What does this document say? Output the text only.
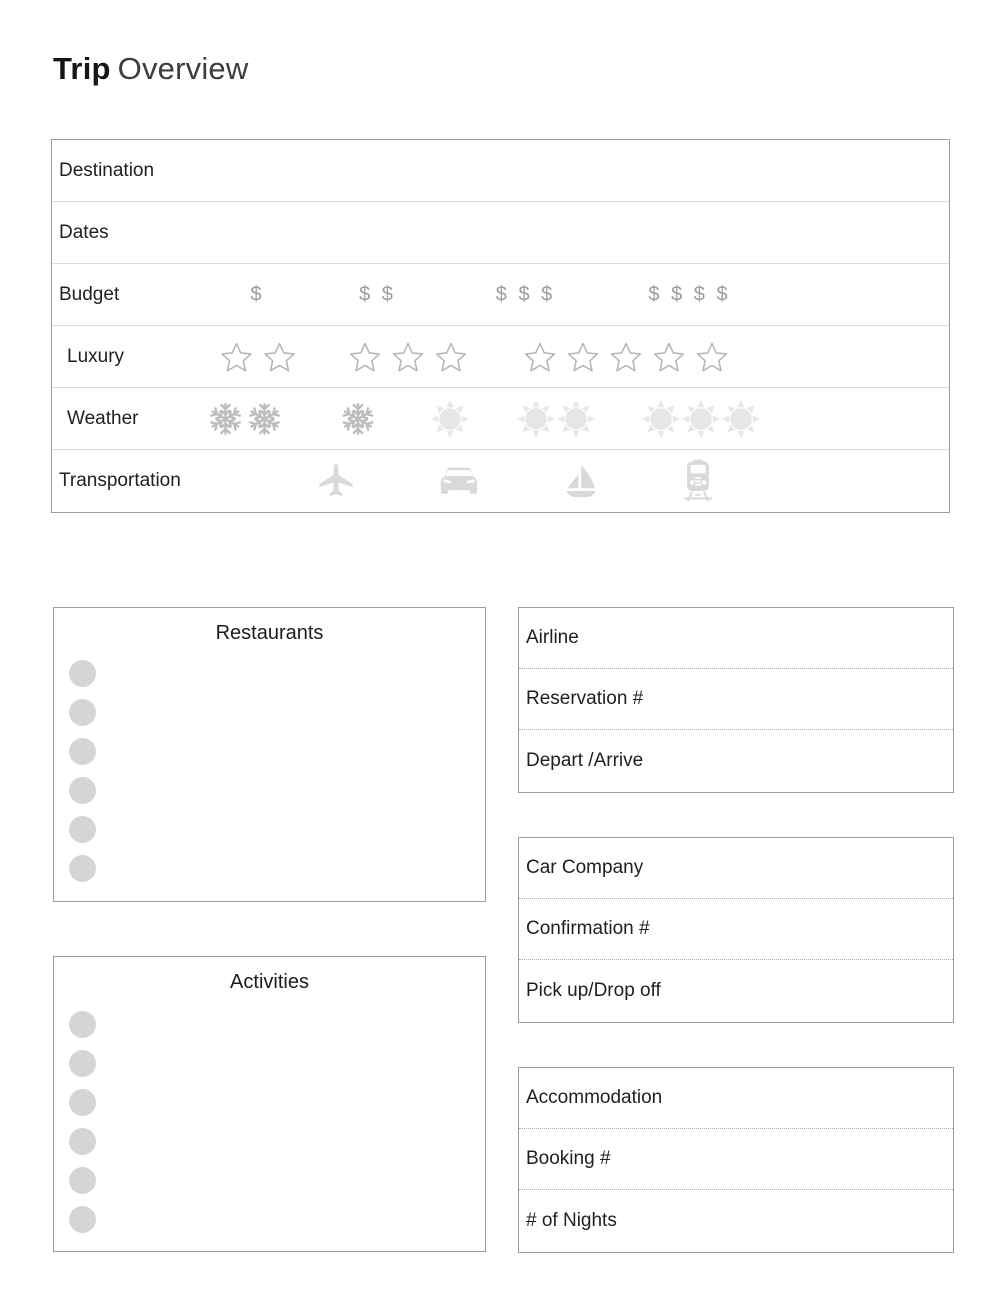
Trip Overview
Destination
Dates
Budget	$	$ $	$ $ $	$ $ $ $
Luxury
Weather
Transportation
Restaurants
Activities
Airline
Reservation #
Depart /Arrive
Car Company
Confirmation #
Pick up/Drop off
Accommodation
Booking #
# of Nights
